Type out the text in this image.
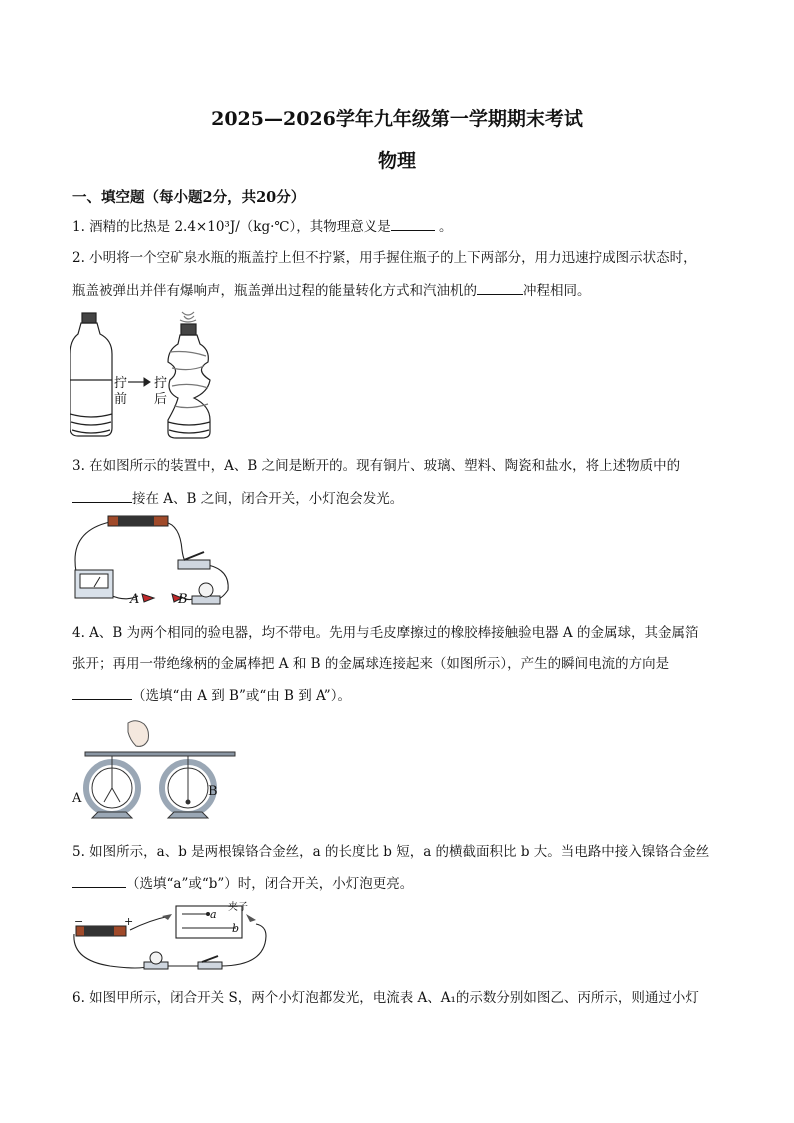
2025—2026学年九年级第一学期期末考试
物理
一、填空题（每小题2分，共20分）
1. 酒精的比热是 2.4×10³J/（kg·℃），其物理意义是	。
2. 小明将一个空矿泉水瓶的瓶盖拧上但不拧紧，用手握住瓶子的上下两部分，用力迅速拧成图示状态时，
瓶盖被弹出并伴有爆响声，瓶盖弹出过程的能量转化方式和汽油机的	冲程相同。
拧
前
拧
后
3. 在如图所示的装置中，A、B 之间是断开的。现有铜片、玻璃、塑料、陶瓷和盐水，将上述物质中的
接在 A、B 之间，闭合开关，小灯泡会发光。
A	B
4. A、B 为两个相同的验电器，均不带电。先用与毛皮摩擦过的橡胶棒接触验电器 A 的金属球，其金属箔
张开；再用一带绝缘柄的金属棒把 A 和 B 的金属球连接起来（如图所示），产生的瞬间电流的方向是
（选填“由 A 到 B”或“由 B 到 A”）。
A	B
5. 如图所示，a、b 是两根镍铬合金丝，a 的长度比 b 短，a 的横截面积比 b 大。当电路中接入镍铬合金丝
（选填“a”或“b”）时，闭合开关，小灯泡更亮。
夹子
a
b
−	+
6. 如图甲所示，闭合开关 S，两个小灯泡都发光，电流表 A、A₁的示数分别如图乙、丙所示，则通过小灯
